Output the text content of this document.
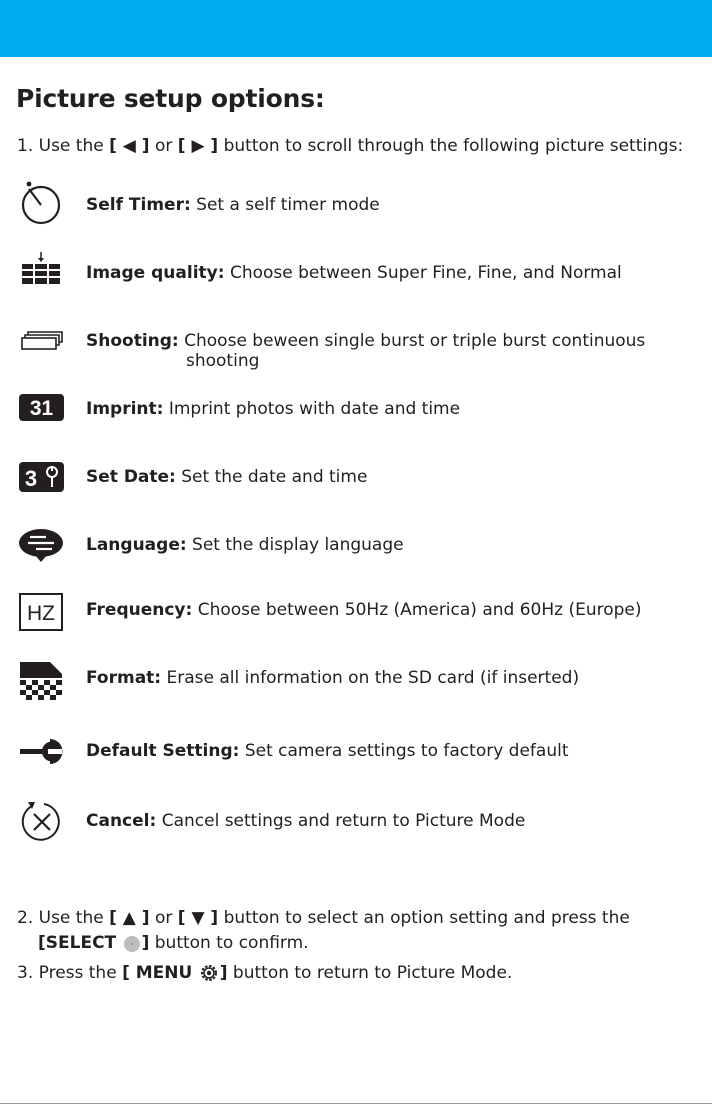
Picture setup options:
1. Use the [ ◀ ] or [ ▶ ] button to scroll through the following picture settings:
Self Timer: Set a self timer mode
Image quality: Choose between Super Fine, Fine, and Normal
Shooting: Choose beween single burst or triple burst continuous
shooting
31 Imprint: Imprint photos with date and time
3	Set Date: Set the date and time
Language: Set the display language
HZ Frequency: Choose between 50Hz (America) and 60Hz (Europe)
Format: Erase all information on the SD card (if inserted)
Default Setting: Set camera settings to factory default
Cancel: Cancel settings and return to Picture Mode
2. Use the [ ▲ ] or [ ▼ ] button to select an option setting and press the
[SELECT ] button to confirm.
3. Press the [ MENU ] button to return to Picture Mode.
